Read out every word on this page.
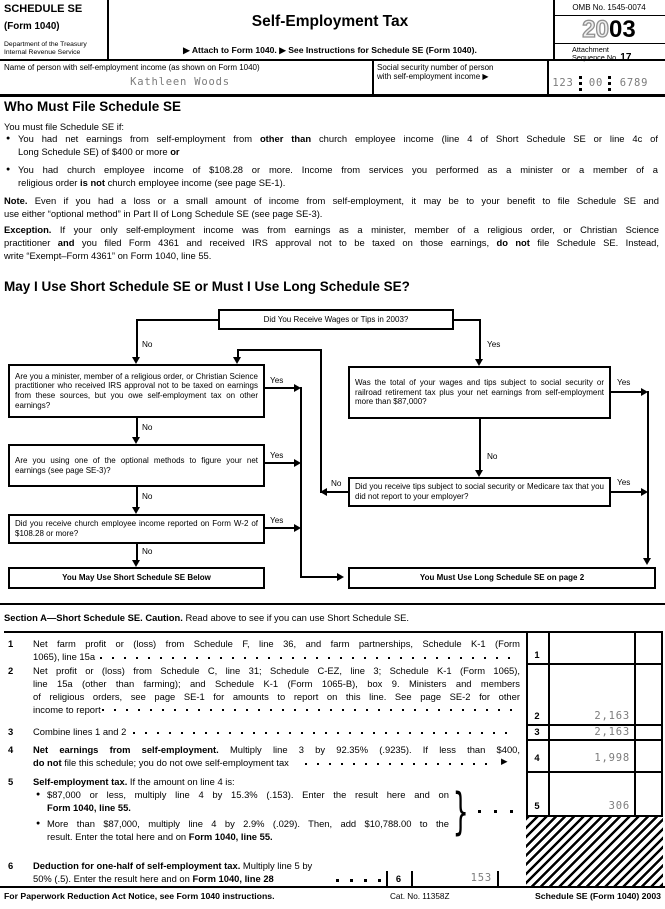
SCHEDULE SE
(Form 1040)
Department of the Treasury
Internal Revenue Service
Self-Employment Tax
▶ Attach to Form 1040. ▶ See Instructions for Schedule SE (Form 1040).
OMB No. 1545-0074
2003
Attachment
Sequence No. 17
Name of person with self-employment income (as shown on Form 1040)
Kathleen Woods
Social security number of person
with self-employment income ▶
123	00	6789
Who Must File Schedule SE
You must file Schedule SE if:
● You had net earnings from self-employment from other than church employee income (line 4 of Short Schedule SE or line 4c of
Long Schedule SE) of $400 or more or
● You had church employee income of $108.28 or more. Income from services you performed as a minister or a member of a
religious order is not church employee income (see page SE-1).
Note. Even if you had a loss or a small amount of income from self-employment, it may be to your benefit to file Schedule SE and
use either “optional method” in Part II of Long Schedule SE (see page SE-3).
Exception. If your only self-employment income was from earnings as a minister, member of a religious order, or Christian Science
practitioner and you filed Form 4361 and received IRS approval not to be taxed on those earnings, do not file Schedule SE. Instead,
write “Exempt–Form 4361” on Form 1040, line 55.
May I Use Short Schedule SE or Must I Use Long Schedule SE?
No	Yes
No
No
No
Yes
Yes
Yes
No
Yes
Yes
No
Did You Receive Wages or Tips in 2003?
Are you a minister, member of a religious order, or Christian Science practitioner who received IRS approval not to be taxed on earnings from these sources, but you owe self-employment tax on other earnings?
Are you using one of the optional methods to figure your net earnings (see page SE-3)?
Did you receive church employee income reported on Form W-2 of $108.28 or more?
You May Use Short Schedule SE Below
Was the total of your wages and tips subject to social security or railroad retirement tax plus your net earnings from self-employment more than $87,000?
Did you receive tips subject to social security or Medicare tax that you did not report to your employer?
You Must Use Long Schedule SE on page 2
Section A—Short Schedule SE. Caution. Read above to see if you can use Short Schedule SE.
1	Net farm profit or (loss) from Schedule F, line 36, and farm partnerships, Schedule K-1 (Form
1065), line 15a	1
2	Net profit or (loss) from Schedule C, line 31; Schedule C-EZ, line 3; Schedule K-1 (Form 1065),
line 15a (other than farming); and Schedule K-1 (Form 1065-B), box 9. Ministers and members
of religious orders, see page SE-1 for amounts to report on this line. See page SE-2 for other
income to report
2	2,163
3	Combine lines 1 and 2	3	2,163
4	Net earnings from self-employment. Multiply line 3 by 92.35% (.9235). If less than $400,
do not file this schedule; you do not owe self-employment tax	▶	4	1,998
5	Self-employment tax. If the amount on line 4 is:
● $87,000 or less, multiply line 4 by 15.3% (.153). Enter the result here and on
Form 1040, line 55.
● More than $87,000, multiply line 4 by 2.9% (.029). Then, add $10,788.00 to the
result. Enter the total here and on Form 1040, line 55.	}	5	306
6	Deduction for one-half of self-employment tax. Multiply line 5 by
50% (.5). Enter the result here and on Form 1040, line 28	6	153
For Paperwork Reduction Act Notice, see Form 1040 instructions.	Cat. No. 11358Z	Schedule SE (Form 1040) 2003
